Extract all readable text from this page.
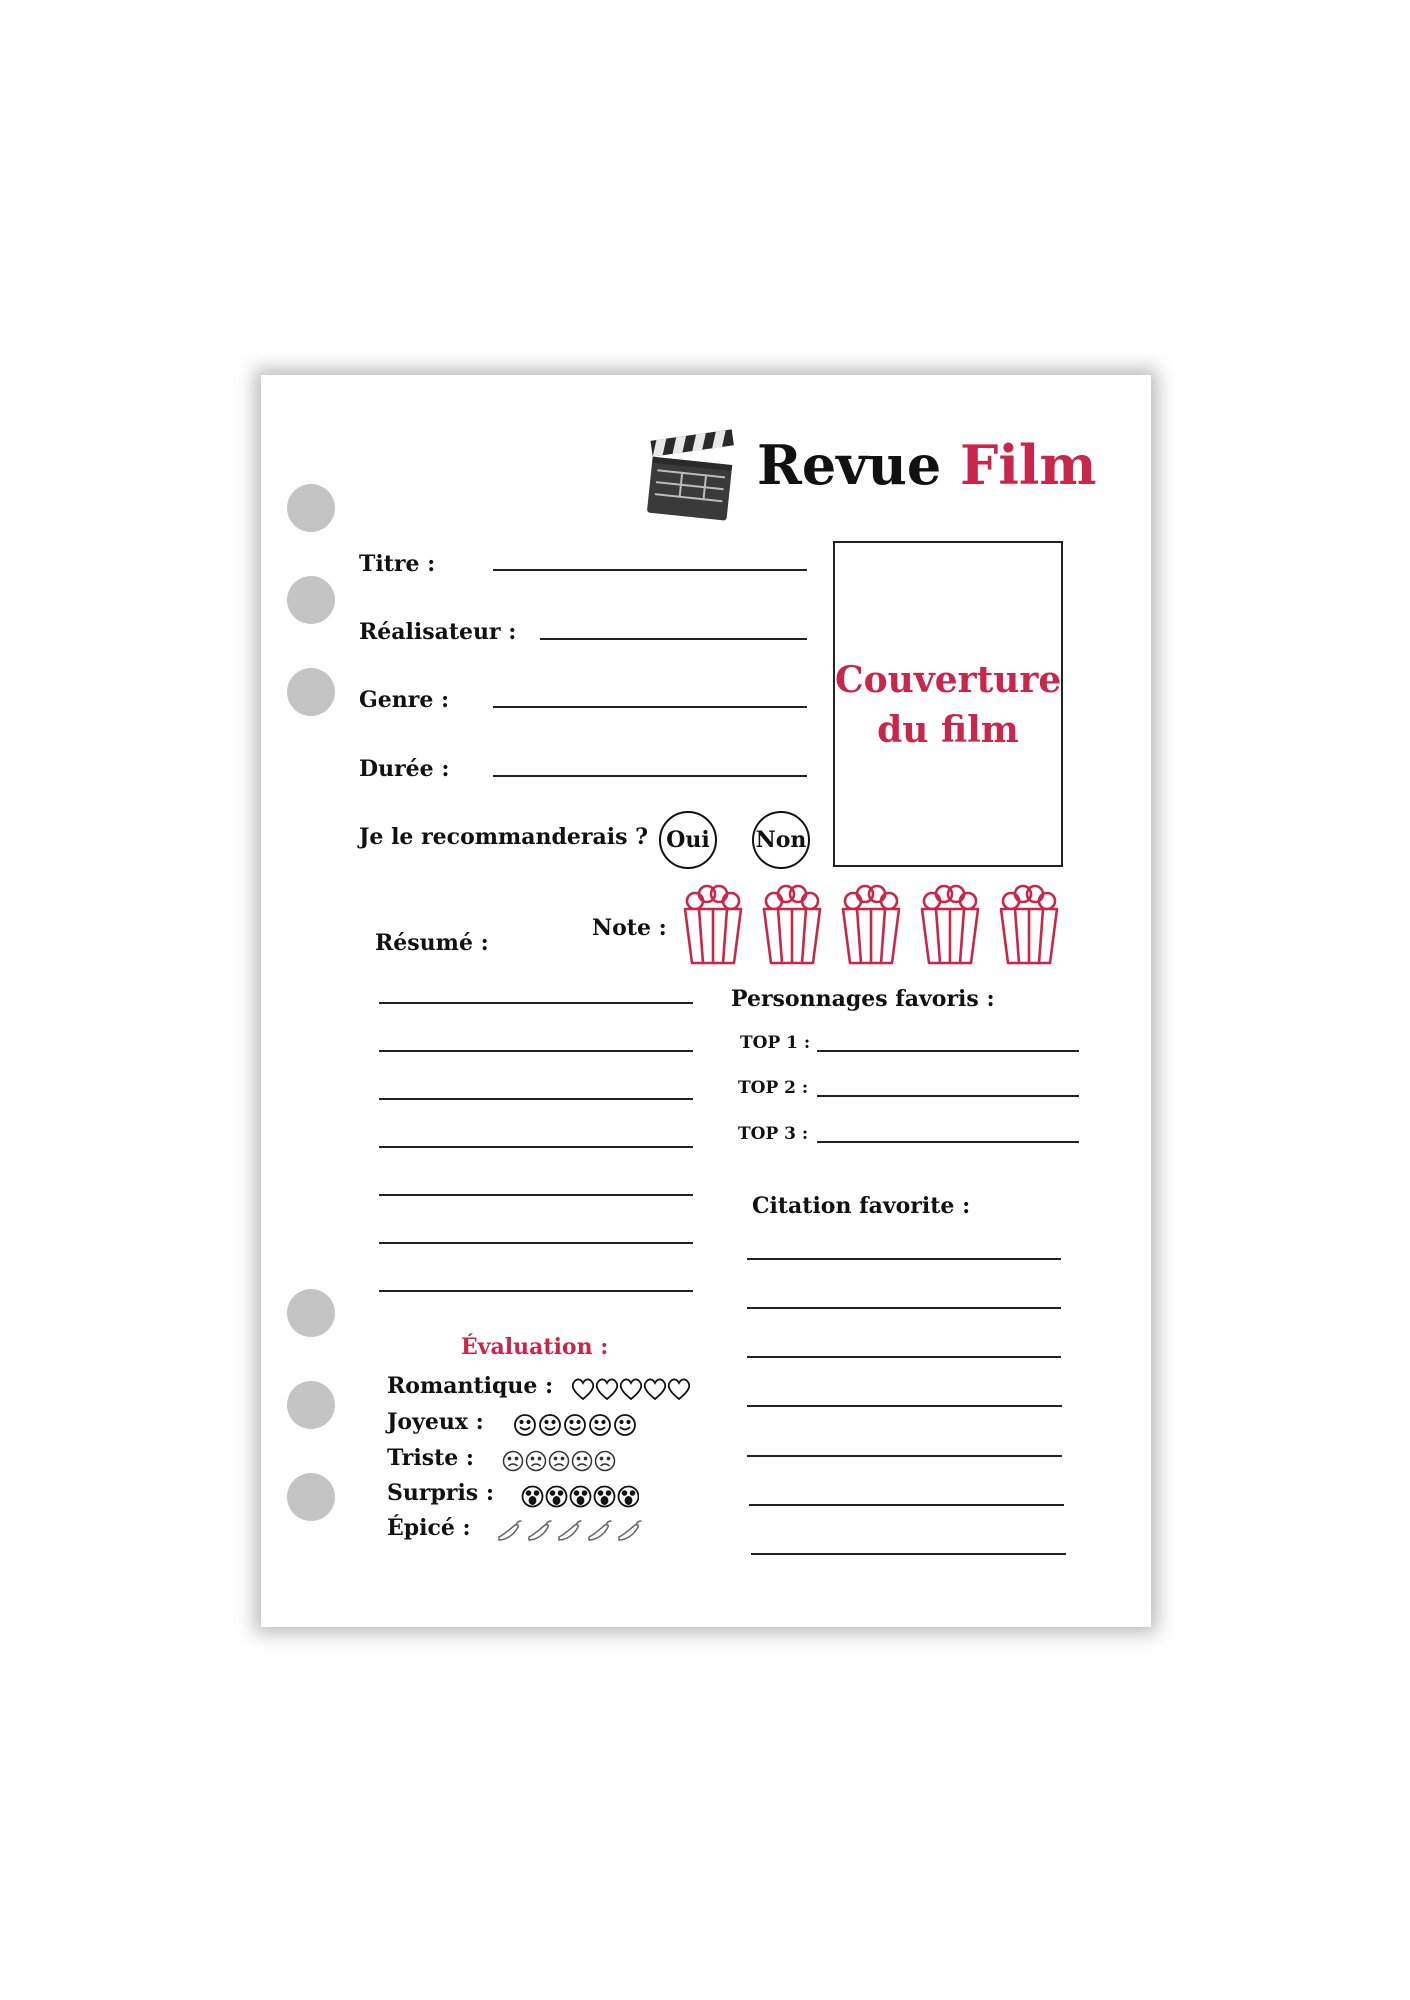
Revue Film
Titre :
Réalisateur :
Genre :
Durée :
Je le recommanderais ? Oui	Non
Couverture
du film
Note :
Résumé :
Personnages favoris :
TOP 1 :
TOP 2 :
TOP 3 :
Citation favorite :
Évaluation :
Romantique :
Joyeux :
Triste :
Surpris :
Épicé :
